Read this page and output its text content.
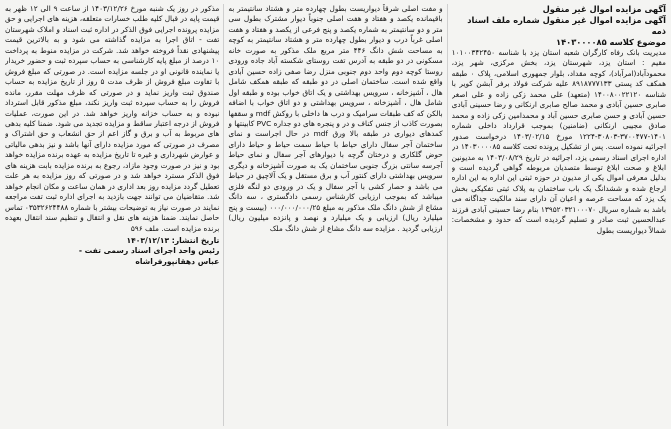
آگهی مزایده اموال غیر منقول

آگهی مزایده اموال غیر منقول شماره ملف اسناد ذمه

موضوع کلاسه ۱۴۰۳۰۰۰۰۸۵

مدیریت بانک رفاه کارگران شعبه استان یزد با شناسه ۱۰۱۰۰۳۴۲۴۵۰ مقیم : استان یزد، شهرستان یزد، بخش مرکزی، شهر یزد، محمودآباد(امرآباد)، کوچه مقداد، بلوار جمهوری اسلامی، پلاک ۰ طبقه همکف کد پستی ۸۹۱۸۷۷۷۱۳۳ علیه شرکت فولاد برفر آبشن کویر با شناسه ۱۴۰۰۸۰۰۲۲۱۲۰ (متعهد) علی محمد زکی زاده و علی اصغر صابری حسین آبادی و محمد صالح صابری ارنکانی و رضا حسینی آبادی حسین آبادی و حسن صابری حسین آباد و محمدامین زکی زاده و محمد صادق مجیبی ارنکانی (ضامنین) بموجب قرارداد داخلی شماره ۱۴۰۱-۳۷۰۰۴۷۷-۳۰۸۰۳-۱۲۲۴ مورخ ۱۴۰۳/۰۲/۱۵ درخواست صدور اجرائیه نموده است. پس از تشکیل پرونده تحت کلاسه ۱۴۰۳۰۰۰۰۸۵ در اداره اجرای اسناد رسمی یزد، اجرائیه در تاریخ ۱۴۰۳/۰۸/۲۹ به مدیونین ابلاغ و صحت ابلاغ توسط متصدیان مربوطه گواهی گردیده است و بدلیل معرفی اموال یکی از مدیون در حوزه ثبتی این اداره به این اداره ارجاع شده و ششدانگ یک باب ساختمان به پلاک ثبتی تفکیکی بخش یک یزد که مساحت عرصه و اعیان آن دارای سند مالکیت جداگانه می باشد به شماره سریال ۱۳۹۵۲۰۳۲۱۰۰۰۷۰ بنام رضا حسینی آبادی فرزند عبدالحسین ثبت صادر و تسلیم گردیده است که حدود و مشخصات: شمالاً دیواریست بطول

و مفت اصلی شرقاً دیواریست بطول چهارده متر و هشتاد سانتیمتر به باقیمانده یکصد و هفتاد و هفت اصلی جنوباً دیوار مشترک بطول سی متر و دو سانتیمتر به شماره یکصد و پنج فرعی از یکصد و هفتاد و هفت اصلی غرباً درب و دیوار بطول چهارده متر و هشتاد سانتیمتر به کوچه به مساحت شش دانگ ۴۴۶ متر مربع ملک مذکور به صورت خانه مسکونی در دو طبقه به آدرس تفت روستای شکسته آباد جاده ورودی روستا کوچه دوم واحد دوم جنوبی منزل رضا صفی زاده حسین آبادی واقع شده است. ساختمان اصلی در دو طبقه که طبقه همکف شامل هال ، آشپزخانه ، سرویس بهداشتی و یک اتاق خواب بوده و طبقه اول شامل هال ، آشپزخانه ، سرویس بهداشتی و دو اتاق خواب با اضافه بالکن که کف طبقات سرامیک و درب ها داخلی با روکش mdf و سقفها بصورت کاذب از جنس کناف و در و پنجره های دو جداره PVC کابینتها و کمدهای دیواری در طبقه بالا ورق mdf در حال اجراست و نمای ساختمان آجر سفال دارای حیاط با حیاط سمت حیاط و حیاط دارای حوض گلکاری و درختان گرچه با دیوارهای آجر سفال و نمای حیاط آجرسه سانتی بزرگ جنوبی ساختمان یک به صورت آشپزخانه و دیگری سرویس بهداشتی دارای کنتور آب و برق مستقل و یک آلاچیق در حیاط می باشد و حصار کشی با آجر سفال و یک در ورودی دو لنگه فلزی میباشد که بموجب ارزیابی کارشناس رسمی دادگستری ، سه دانگ مشاع از شش دانگ ملک مذکور به مبلغ ۰۰۰/۰۰۰/۰۰۰/۲۵ (بیست و پنج میلیارد ریال) ارزیابی و یک میلیارد و نهصد و پانزده میلیون ریال) ارزیابی گردید . مزایده سه دانگ مشاع از شش دانگ ملک

مذکور در روز یک شنبه مورخ ۱۴۰۳/۱۲/۲۶ از ساعت ۹ الی ۱۲ ظهر به قیمت پایه در قبال کلیه طلب خسارات متعلقه، هزینه های اجرایی و حق مزایده پرونده اجرایی فوق الذکر در اداره ثبت اسناد و املاک شهرستان تفت - اتاق اجرا به مزایده گذاشته می شود و به بالاترین قیمت پیشنهادی نقداً فروخته خواهد شد. شرکت در مزایده منوط به پرداخت ۱۰ درصد از مبلغ پایه کارشناسی به حساب سپرده ثبت و حضور خریدار یا نماینده قانونی او در جلسه مزایده است. در صورتی که مبلغ فروش با تفاوت مبلغ فروش از ظرف مدت ۵ روز از تاریخ مزایده به حساب صندوق ثبت واریز نماید و در صورتی که ظرف مهلت مقرر، مانده فروش را به حساب سپرده ثبت واریز نکند، مبلغ مذکور قابل استرداد نبوده و به حساب خزانه واریز خواهد شد. در این صورت، عملیات فروش از درجه اعتبار ساقط و مزایده تجدید می شود. ضمنا کلیه بدهی های مربوط به آب و برق و گاز اعم از حق انشعاب و حق اشتراک و مصرف در صورتی که مورد مزایده دارای آنها باشد و نیز بدهی مالیاتی و عوارض شهرداری و غیره تا تاریخ مزایده به عهده برنده مزایده خواهد بود و نیز در صورت وجود مازاد، رجوع به برنده مزایده بابت هزینه های فوق الذکر مسترد خواهد شد و در صورتی که روز مزایده به هر علت تعطیل گردد مزایده روز بعد اداری در همان ساعت و مکان انجام خواهد شد. متقاضیان می توانند جهت بازدید به اجرای اداره ثبت تفت مراجعه نمایند در صورت نیاز به توضیحات بیشتر با شماره ۰۳۵۳۲۶۲۴۴۸۸ تماس حاصل نمایند. ضمنا هزینه های نقل و انتقال و تنظیم سند انتقال بعهده برنده مزایده است. ملف ۵۹۶

تاریخ انتشار: ۱۴۰۳/۱۲/۱۳

رئیس واحد اجرای اسناد رسمی تفت -

عباس دهقانپورفراشاه
